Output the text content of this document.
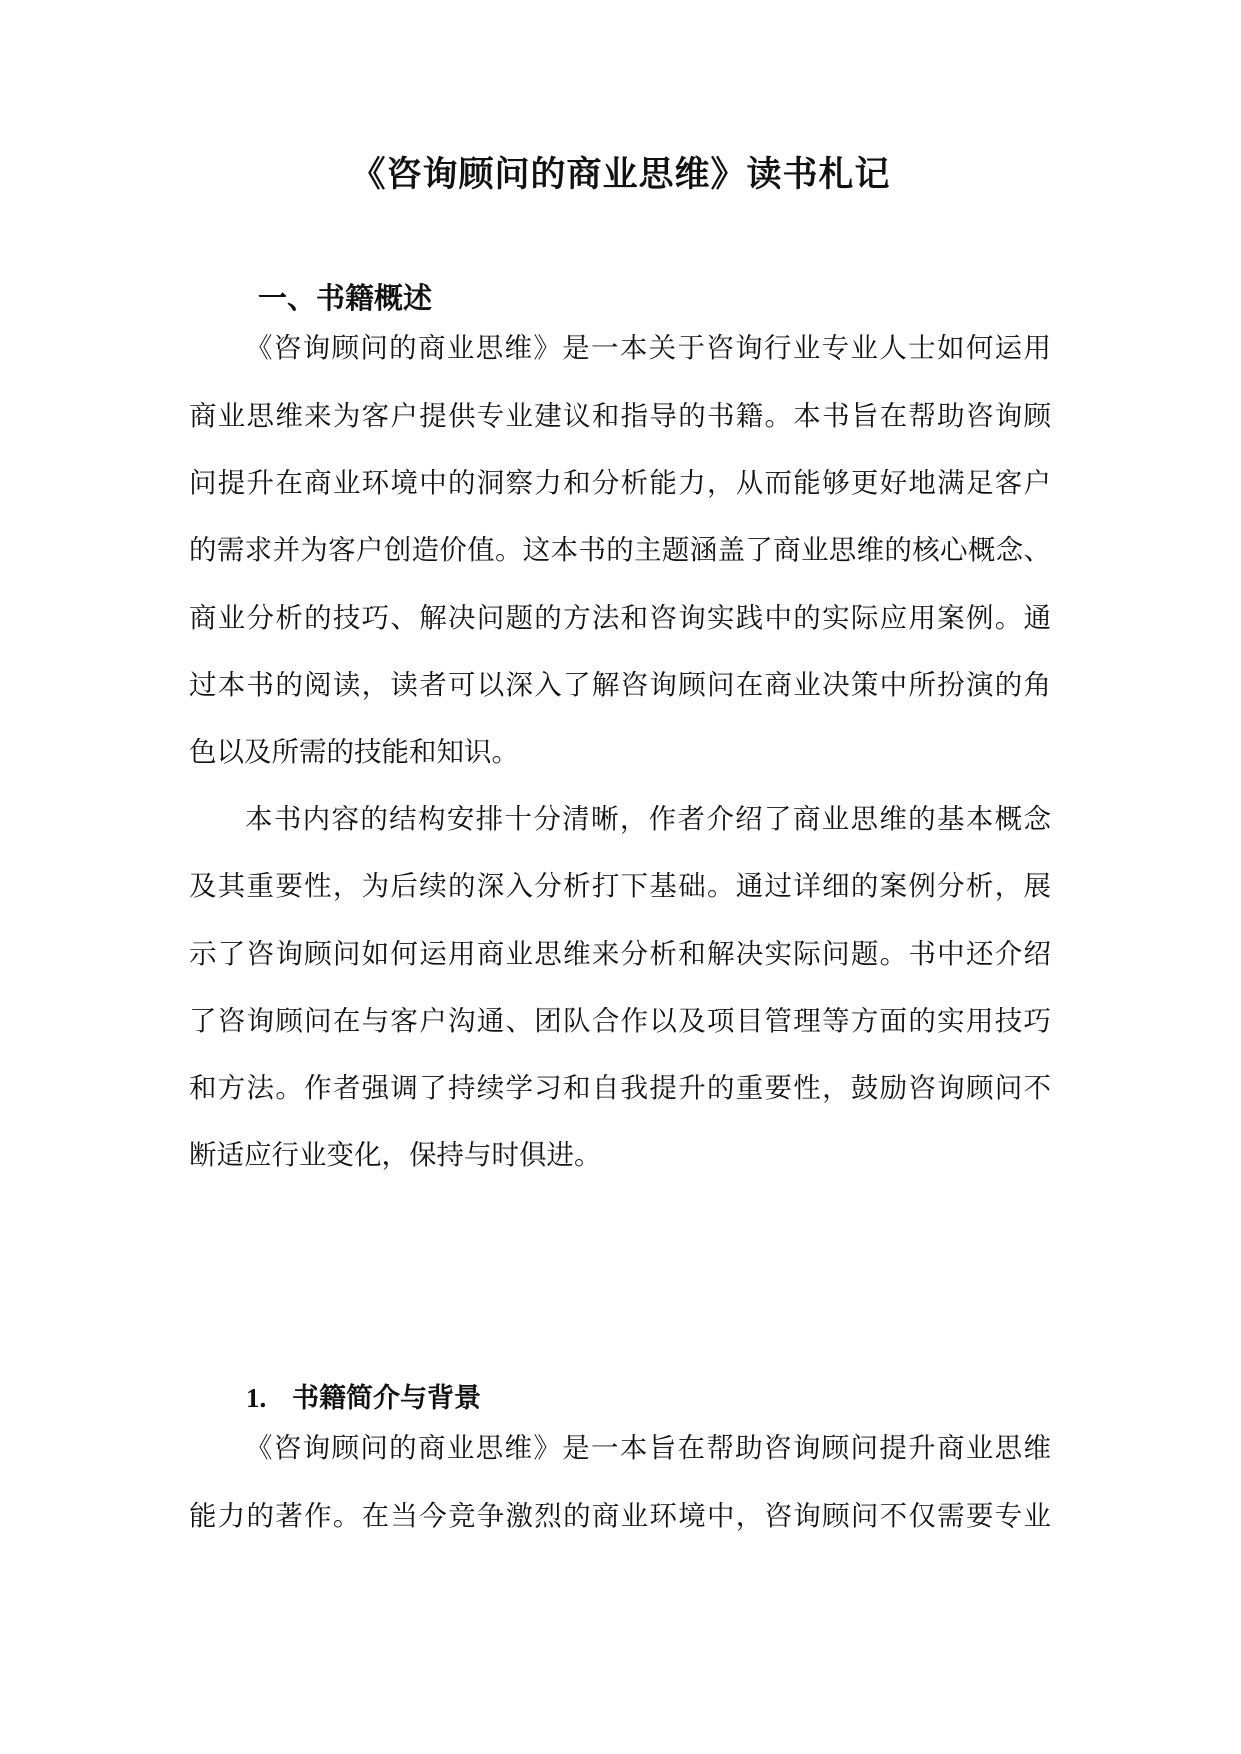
《咨询顾问的商业思维》读书札记
一、书籍概述
《咨询顾问的商业思维》是一本关于咨询行业专业人士如何运用
商业思维来为客户提供专业建议和指导的书籍。本书旨在帮助咨询顾
问提升在商业环境中的洞察力和分析能力，从而能够更好地满足客户
的需求并为客户创造价值。这本书的主题涵盖了商业思维的核心概念、
商业分析的技巧、解决问题的方法和咨询实践中的实际应用案例。通
过本书的阅读，读者可以深入了解咨询顾问在商业决策中所扮演的角
色以及所需的技能和知识。
本书内容的结构安排十分清晰，作者介绍了商业思维的基本概念
及其重要性，为后续的深入分析打下基础。通过详细的案例分析，展
示了咨询顾问如何运用商业思维来分析和解决实际问题。书中还介绍
了咨询顾问在与客户沟通、团队合作以及项目管理等方面的实用技巧
和方法。作者强调了持续学习和自我提升的重要性，鼓励咨询顾问不
断适应行业变化，保持与时俱进。
1. 书籍简介与背景
《咨询顾问的商业思维》是一本旨在帮助咨询顾问提升商业思维
能力的著作。在当今竞争激烈的商业环境中，咨询顾问不仅需要专业
